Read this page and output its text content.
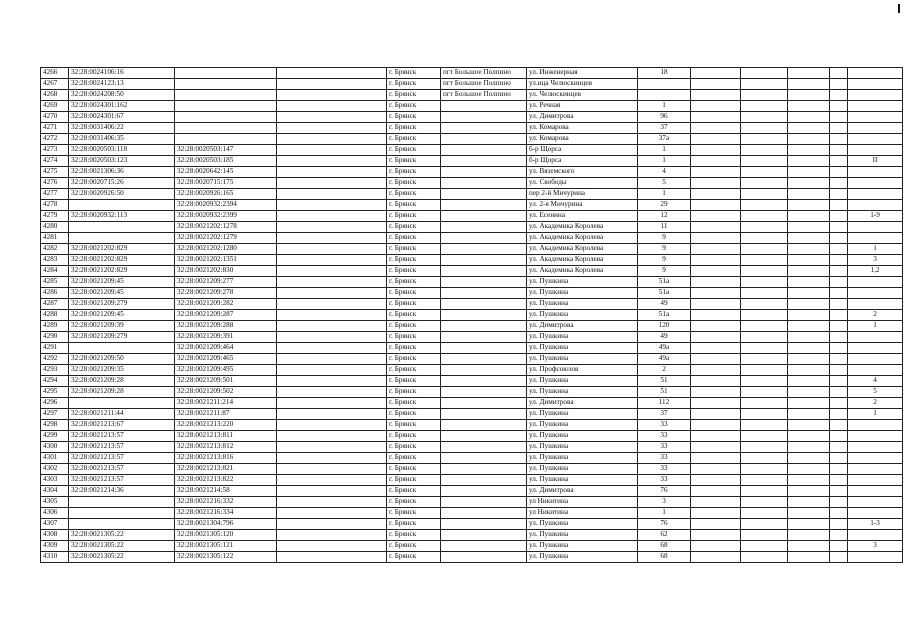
4266	32:28:0024106:16			г. Брянск	пгт Большое Полпино	ул. Инженерная	18					
4267	32:28:0024123:13			г. Брянск	пгт Большое Полпино	ул.ица Челюскинцев						
4268	32:28:0024208:50			г. Брянск	пгт Большое Полпино	ул. Челюскинцев						
4269	32:28:0024301:162			г. Брянск		ул. Речная	1					
4270	32:28:0024301:67			г. Брянск		ул. Димитрова	96					
4271	32:28:0031406:22			г. Брянск		ул. Комарова	37					
4272	32:28:0031406:35			г. Брянск		ул. Комарова	37а					
4273	32:28:0020503:118	32:28:0020503:147		г. Брянск		б-р Щорса	1					
4274	32:28:0020503:123	32:28:0020503:185		г. Брянск		б-р Щорса	1					II
4275	32:28:0021306:36	32:28:0020642:145		г. Брянск		ул. Вяземского	4					
4276	32:28:0020715:26	32:28:0020715:175		г. Брянск		ул. Свободы	5					
4277	32:28:0020926:50	32:28:0020926:165		г. Брянск		пер 2-й Мичурина	1					
4278		32:28:0020932:2394		г. Брянск		ул. 2-я Мичурина	29					
4279	32:28:0020932:113	32:28:0020932:2399		г. Брянск		ул. Есенина	12					1-9
4280		32:28:0021202:1278		г. Брянск		ул. Академика Королева	11					
4281		32:28:0021202:1279		г. Брянск		ул. Академика Королева	9					
4282	32:28:0021202:829	32:28:0021202:1280		г. Брянск		ул. Академика Королева	9					1
4283	32:28:0021202:829	32:28:0021202:1351		г. Брянск		ул. Академика Королева	9					3
4284	32:28:0021202:829	32:28:0021202:830		г. Брянск		ул. Академика Королева	9					1,2
4285	32:28:0021209:45	32:28:0021209:277		г. Брянск		ул. Пушкина	51а					
4286	32:28:0021209:45	32:28:0021209:278		г. Брянск		ул. Пушкина	51а					
4287	32:28:0021209:279	32:28:0021209:282		г. Брянск		ул. Пушкина	49					
4288	32:28:0021209:45	32:28:0021209:287		г. Брянск		ул. Пушкина	51а					2
4289	32:28:0021209:39	32:28:0021209:288		г. Брянск		ул. Димитрова	120					1
4290	32:28:0021209:279	32:28:0021209:391		г. Брянск		ул. Пушкина	49					
4291		32:28:0021209:464		г. Брянск		ул. Пушкина	49а					
4292	32:28:0021209:50	32:28:0021209:465		г. Брянск		ул. Пушкина	49а					
4293	32:28:0021209:35	32:28:0021209:495		г. Брянск		ул. Профсоюзов	2					
4294	32:28:0021209:28	32:28:0021209:501		г. Брянск		ул. Пушкина	51					4
4295	32:28:0021209:28	32:28:0021209:502		г. Брянск		ул. Пушкина	51					5
4296		32:28:0021211:214		г. Брянск		ул. Димитрова	112					2
4297	32:28:0021211:44	32:28:0021211:87		г. Брянск		ул. Пушкина	37					1
4298	32:28:0021213:67	32:28:0021213:220		г. Брянск		ул. Пушкина	33					
4299	32:28:0021213:57	32:28:0021213:811		г. Брянск		ул. Пушкина	33					
4300	32:28:0021213:57	32:28:0021213:812		г. Брянск		ул. Пушкина	33					
4301	32:28:0021213:57	32:28:0021213:816		г. Брянск		ул. Пушкина	33					
4302	32:28:0021213:57	32:28:0021213:821		г. Брянск		ул. Пушкина	33					
4303	32:28:0021213:57	32:28:0021213:822		г. Брянск		ул. Пушкина	33					
4304	32:28:0021214:36	32:28:0021214:58		г. Брянск		ул. Димитрова	76					
4305		32:28:0021216:332		г. Брянск		ул Никитина	3					
4306		32:28:0021216:334		г. Брянск		ул Никитина	1					
4307		32:28:0021304:796		г. Брянск		ул. Пушкина	76					1-3
4308	32:28:0021305:22	32:28:0021305:120		г. Брянск		ул. Пушкина	62					
4309	32:28:0021305:22	32:28:0021305:121		г. Брянск		ул. Пушкина	68					3
4310	32:28:0021305:22	32:28:0021305:122		г. Брянск		ул. Пушкина	68					
